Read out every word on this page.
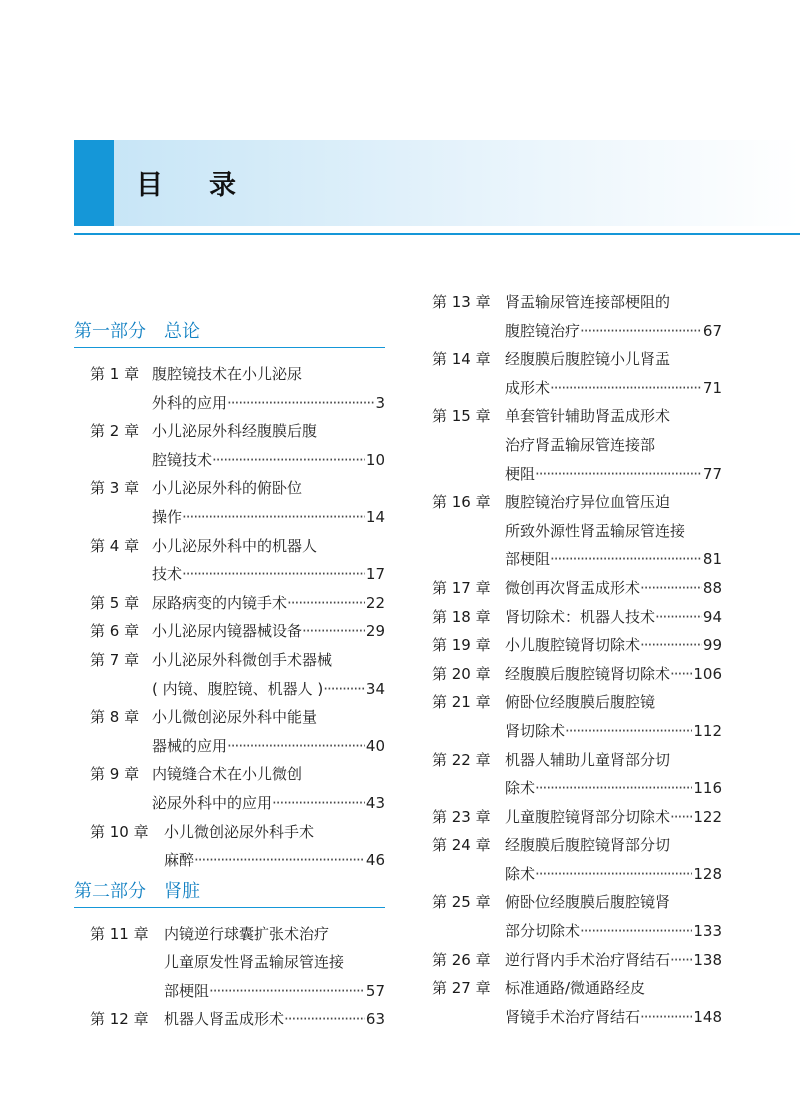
目录
第一部分　总论
第 1 章 腹腔镜技术在小儿泌尿
外科的应用 ·····	3
第 2 章 小儿泌尿外科经腹膜后腹
腔镜技术 ·····	10
第 3 章 小儿泌尿外科的俯卧位
操作 ·····	14
第 4 章 小儿泌尿外科中的机器人
技术 ·····	17
第 5 章 尿路病变的内镜手术 ·····	22
第 6 章 小儿泌尿内镜器械设备 ·····	29
第 7 章 小儿泌尿外科微创手术器械
( 内镜、腹腔镜、机器人 ) ·····	34
第 8 章 小儿微创泌尿外科中能量
器械的应用 ·····	40
第 9 章 内镜缝合术在小儿微创
泌尿外科中的应用 ·····	43
第 10 章 小儿微创泌尿外科手术
麻醉 ·····	46
第二部分　肾脏
第 11 章 内镜逆行球囊扩张术治疗
儿童原发性肾盂输尿管连接
部梗阻 ·····	57
第 12 章 机器人肾盂成形术 ·····	63
第 13 章 肾盂输尿管连接部梗阻的
腹腔镜治疗 ·····	67
第 14 章 经腹膜后腹腔镜小儿肾盂
成形术 ·····	71
第 15 章 单套管针辅助肾盂成形术
治疗肾盂输尿管连接部
梗阻 ·····	77
第 16 章 腹腔镜治疗异位血管压迫
所致外源性肾盂输尿管连接
部梗阻 ·····	81
第 17 章 微创再次肾盂成形术 ·····	88
第 18 章 肾切除术：机器人技术 ·····	94
第 19 章 小儿腹腔镜肾切除术 ·····	99
第 20 章 经腹膜后腹腔镜肾切除术 ····· 106
第 21 章 俯卧位经腹膜后腹腔镜
肾切除术 ·····	112
第 22 章 机器人辅助儿童肾部分切
除术 ·····	116
第 23 章 儿童腹腔镜肾部分切除术 ····· 122
第 24 章 经腹膜后腹腔镜肾部分切
除术 ·····	128
第 25 章 俯卧位经腹膜后腹腔镜肾
部分切除术 ·····	133
第 26 章 逆行肾内手术治疗肾结石 ····· 138
第 27 章 标准通路/微通路经皮
肾镜手术治疗肾结石 ·····	148
